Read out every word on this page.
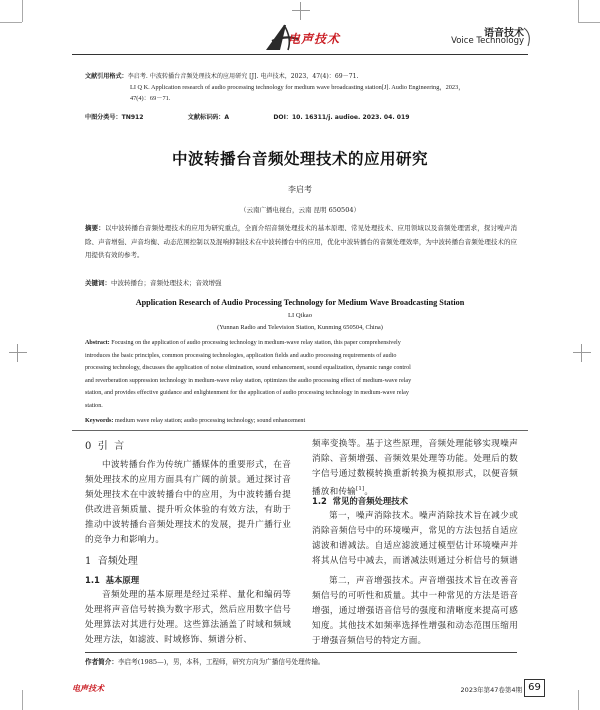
电声技术	语音技术
Voice Technology
文献引用格式：李启考. 中波转播台音频处理技术的应用研究 [J]. 电声技术，2023，47(4)：69－71.
LI Q K. Application research of audio processing technology for medium wave broadcasting station[J]. Audio Engineering，2023，
47(4)：69－71.
中图分类号：TN912	文献标识码：A	DOI：10. 16311/j. audioe. 2023. 04. 019
中波转播台音频处理技术的应用研究
李启考
（云南广播电视台，云南 昆明 650504）
摘要：以中波转播台音频处理技术的应用为研究重点，全面介绍音频处理技术的基本原理、常见处理技术、应用领域以及音频处理需求，探讨噪声消除、声音增强、声音均衡、动态范围控制以及混响抑制技术在中波转播台中的应用，优化中波转播台的音频处理效率，为中波转播台音频处理技术的应用提供有效的参考。
关键词：中波转播台；音频处理技术；音效增强
Application Research of Audio Processing Technology for Medium Wave Broadcasting Station
LI Qikao
(Yunnan Radio and Television Station, Kunming 650504, China)
Abstract: Focusing on the application of audio processing technology in medium-wave relay station, this paper comprehensively
introduces the basic principles, common processing technologies, application fields and audio processing requirements of audio
processing technology, discusses the application of noise elimination, sound enhancement, sound equalization, dynamic range control
and reverberation suppression technology in medium-wave relay station, optimizes the audio processing effect of medium-wave relay
station, and provides effective guidance and enlightenment for the application of audio processing technology in medium-wave relay
station.
Keywords: medium wave relay station; audio processing technology; sound enhancement
0  引  言

中波转播台作为传统广播媒体的重要形式，在音频处理技术的应用方面具有广阔的前景。通过探讨音频处理技术在中波转播台中的应用，为中波转播台提供改进音频质量、提升听众体验的有效方法，有助于推动中波转播台音频处理技术的发展，提升广播行业的竞争力和影响力。

1  音频处理
1.1  基本原理

音频处理的基本原理是经过采样、量化和编码等处理将声音信号转换为数字形式，然后应用数字信号处理算法对其进行处理。这些算法涵盖了时域和频域处理方法，如滤波、时域修饰、频谱分析、

频率变换等。基于这些原理，音频处理能够实现噪声消除、音频增强、音频效果处理等功能。处理后的数字信号通过数模转换重新转换为模拟形式，以便音频播放和传输[1]。

1.2  常见的音频处理技术

第一，噪声消除技术。噪声消除技术旨在减少或消除音频信号中的环境噪声，常见的方法包括自适应滤波和谱减法。自适应滤波通过模型估计环境噪声并将其从信号中减去，而谱减法则通过分析信号的频谱

第二，声音增强技术。声音增强技术旨在改善音频信号的可听性和质量。其中一种常见的方法是语音增强，通过增强语音信号的强度和清晰度来提高可感知度。其他技术如频率选择性增强和动态范围压缩用于增强音频信号的特定方面。

作者简介：李启考(1985—)，男，本科，工程师，研究方向为广播信号处理传输。
电声技术	2023年第47卷第4期 69
